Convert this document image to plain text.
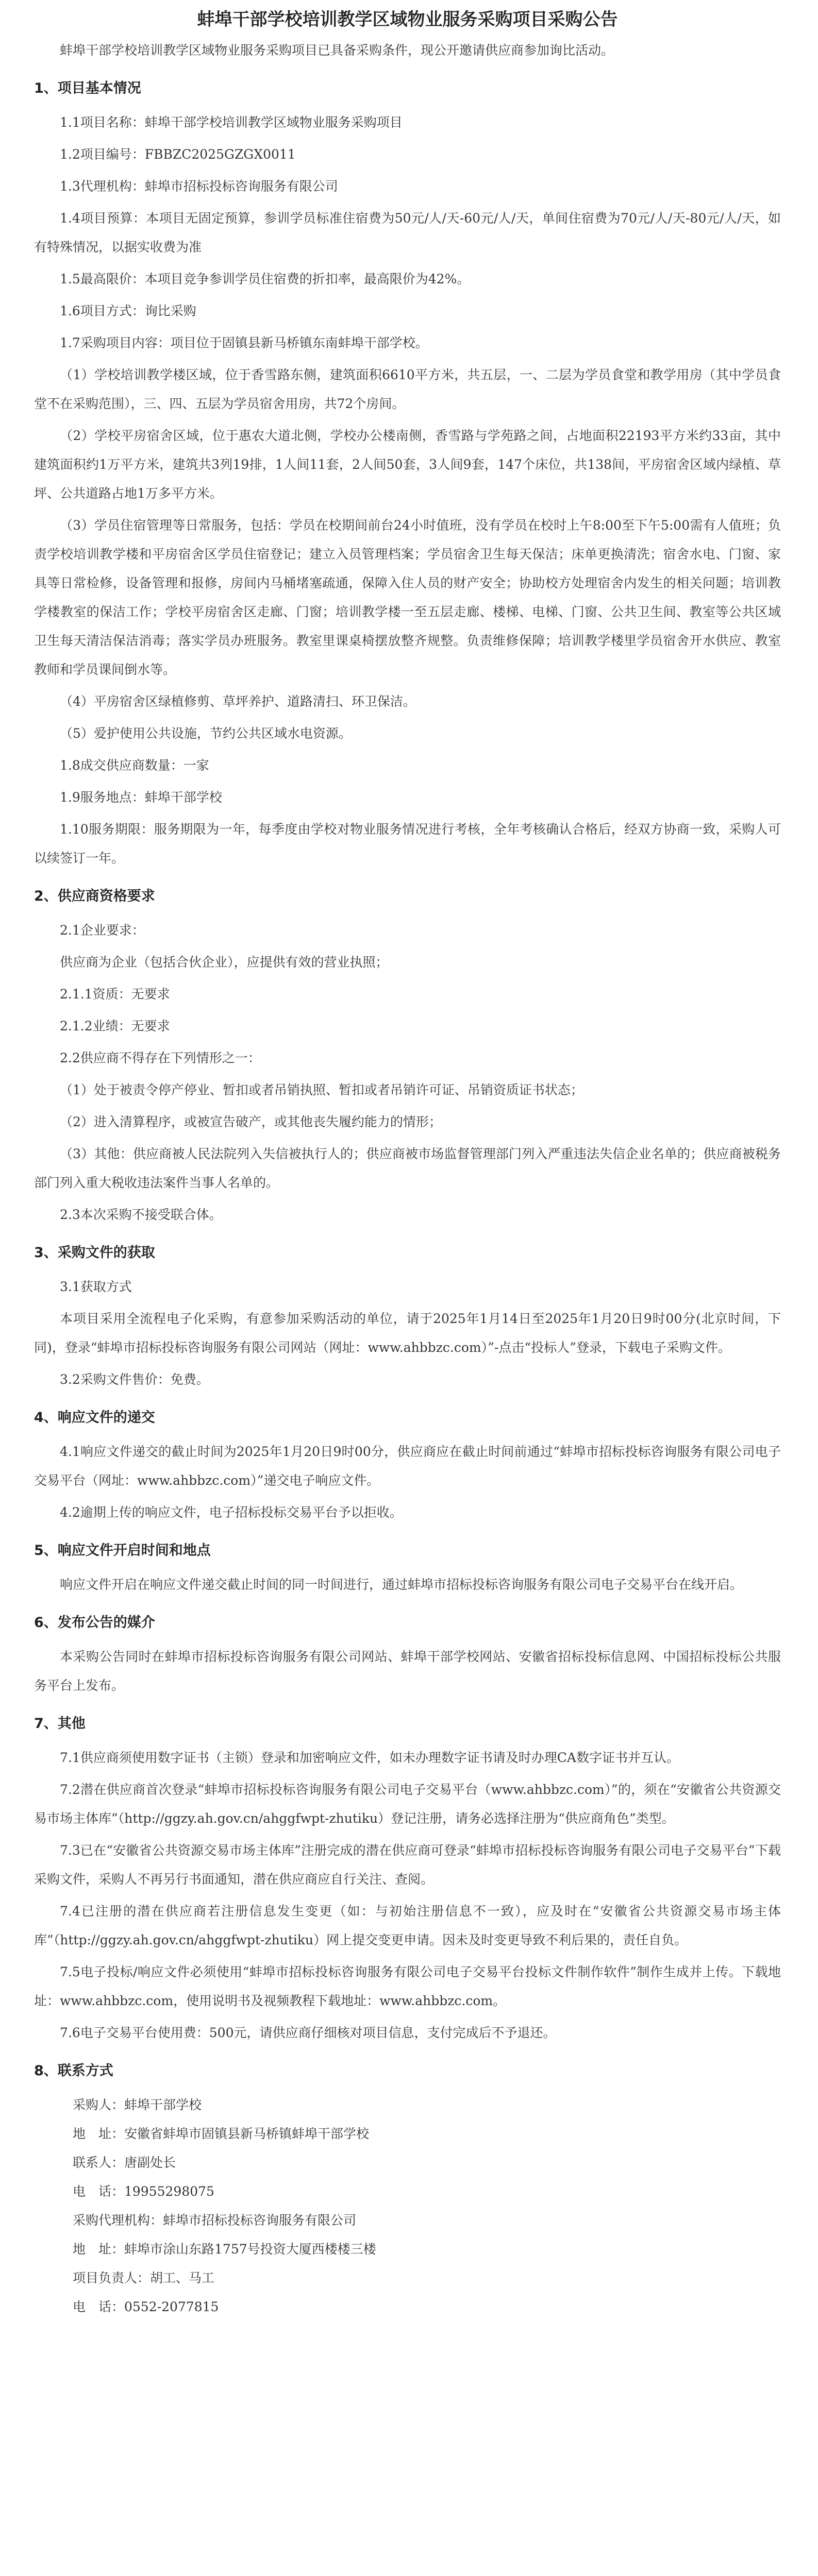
蚌埠干部学校培训教学区域物业服务采购项目采购公告

蚌埠干部学校培训教学区域物业服务采购项目已具备采购条件，现公开邀请供应商参加询比活动。

1、项目基本情况

1.1项目名称：蚌埠干部学校培训教学区域物业服务采购项目

1.2项目编号：FBBZC2025GZGX0011

1.3代理机构：蚌埠市招标投标咨询服务有限公司

1.4项目预算：本项目无固定预算，参训学员标准住宿费为50元/人/天-60元/人/天，单间住宿费为70元/人/天-80元/人/天，如有特殊情况，以据实收费为准

1.5最高限价：本项目竞争参训学员住宿费的折扣率，最高限价为42%。

1.6项目方式：询比采购

1.7采购项目内容：项目位于固镇县新马桥镇东南蚌埠干部学校。

（1）学校培训教学楼区域，位于香雪路东侧，建筑面积6610平方米，共五层，一、二层为学员食堂和教学用房（其中学员食堂不在采购范围），三、四、五层为学员宿舍用房，共72个房间。

（2）学校平房宿舍区域，位于惠农大道北侧，学校办公楼南侧，香雪路与学苑路之间，占地面积22193平方米约33亩，其中建筑面积约1万平方米，建筑共3列19排，1人间11套，2人间50套，3人间9套，147个床位，共138间，平房宿舍区域内绿植、草坪、公共道路占地1万多平方米。

（3）学员住宿管理等日常服务，包括：学员在校期间前台24小时值班，没有学员在校时上午8:00至下午5:00需有人值班；负责学校培训教学楼和平房宿舍区学员住宿登记；建立入员管理档案；学员宿舍卫生每天保洁；床单更换清洗；宿舍水电、门窗、家具等日常检修，设备管理和报修，房间内马桶堵塞疏通，保障入住人员的财产安全；协助校方处理宿舍内发生的相关问题；培训教学楼教室的保洁工作；学校平房宿舍区走廊、门窗；培训教学楼一至五层走廊、楼梯、电梯、门窗、公共卫生间、教室等公共区域卫生每天清洁保洁消毒；落实学员办班服务。教室里课桌椅摆放整齐规整。负责维修保障；培训教学楼里学员宿舍开水供应、教室教师和学员课间倒水等。

（4）平房宿舍区绿植修剪、草坪养护、道路清扫、环卫保洁。

（5）爱护使用公共设施，节约公共区域水电资源。

1.8成交供应商数量：一家

1.9服务地点：蚌埠干部学校

1.10服务期限：服务期限为一年，每季度由学校对物业服务情况进行考核，全年考核确认合格后，经双方协商一致，采购人可以续签订一年。

2、供应商资格要求

2.1企业要求：

供应商为企业（包括合伙企业），应提供有效的营业执照；

2.1.1资质：无要求

2.1.2业绩：无要求

2.2供应商不得存在下列情形之一：

（1）处于被责令停产停业、暂扣或者吊销执照、暂扣或者吊销许可证、吊销资质证书状态；

（2）进入清算程序，或被宣告破产，或其他丧失履约能力的情形；

（3）其他：供应商被人民法院列入失信被执行人的；供应商被市场监督管理部门列入严重违法失信企业名单的；供应商被税务部门列入重大税收违法案件当事人名单的。

2.3本次采购不接受联合体。

3、采购文件的获取

3.1获取方式

本项目采用全流程电子化采购，有意参加采购活动的单位，请于2025年1月14日至2025年1月20日9时00分(北京时间，下同)，登录“蚌埠市招标投标咨询服务有限公司网站（网址：www.ahbbzc.com）”-点击“投标人”登录，下载电子采购文件。

3.2采购文件售价：免费。

4、响应文件的递交

4.1响应文件递交的截止时间为2025年1月20日9时00分，供应商应在截止时间前通过“蚌埠市招标投标咨询服务有限公司电子交易平台（网址：www.ahbbzc.com）”递交电子响应文件。

4.2逾期上传的响应文件，电子招标投标交易平台予以拒收。

5、响应文件开启时间和地点

响应文件开启在响应文件递交截止时间的同一时间进行，通过蚌埠市招标投标咨询服务有限公司电子交易平台在线开启。

6、发布公告的媒介

本采购公告同时在蚌埠市招标投标咨询服务有限公司网站、蚌埠干部学校网站、安徽省招标投标信息网、中国招标投标公共服务平台上发布。

7、其他

7.1供应商须使用数字证书（主锁）登录和加密响应文件，如未办理数字证书请及时办理CA数字证书并互认。

7.2潜在供应商首次登录“蚌埠市招标投标咨询服务有限公司电子交易平台（www.ahbbzc.com）”的，须在“安徽省公共资源交易市场主体库”（http://ggzy.ah.gov.cn/ahggfwpt-zhutiku）登记注册，请务必选择注册为“供应商角色”类型。

7.3已在“安徽省公共资源交易市场主体库”注册完成的潜在供应商可登录“蚌埠市招标投标咨询服务有限公司电子交易平台”下载采购文件，采购人不再另行书面通知，潜在供应商应自行关注、查阅。

7.4已注册的潜在供应商若注册信息发生变更（如：与初始注册信息不一致），应及时在“安徽省公共资源交易市场主体库”（http://ggzy.ah.gov.cn/ahggfwpt-zhutiku）网上提交变更申请。因未及时变更导致不利后果的，责任自负。

7.5电子投标/响应文件必须使用“蚌埠市招标投标咨询服务有限公司电子交易平台投标文件制作软件”制作生成并上传。下载地址：www.ahbbzc.com，使用说明书及视频教程下载地址：www.ahbbzc.com。

7.6电子交易平台使用费：500元，请供应商仔细核对项目信息，支付完成后不予退还。

8、联系方式

采购人：蚌埠干部学校

地　址：安徽省蚌埠市固镇县新马桥镇蚌埠干部学校

联系人：唐副处长

电　话：19955298075

采购代理机构：蚌埠市招标投标咨询服务有限公司

地　址：蚌埠市涂山东路1757号投资大厦西楼楼三楼

项目负责人：胡工、马工

电　话：0552-2077815
